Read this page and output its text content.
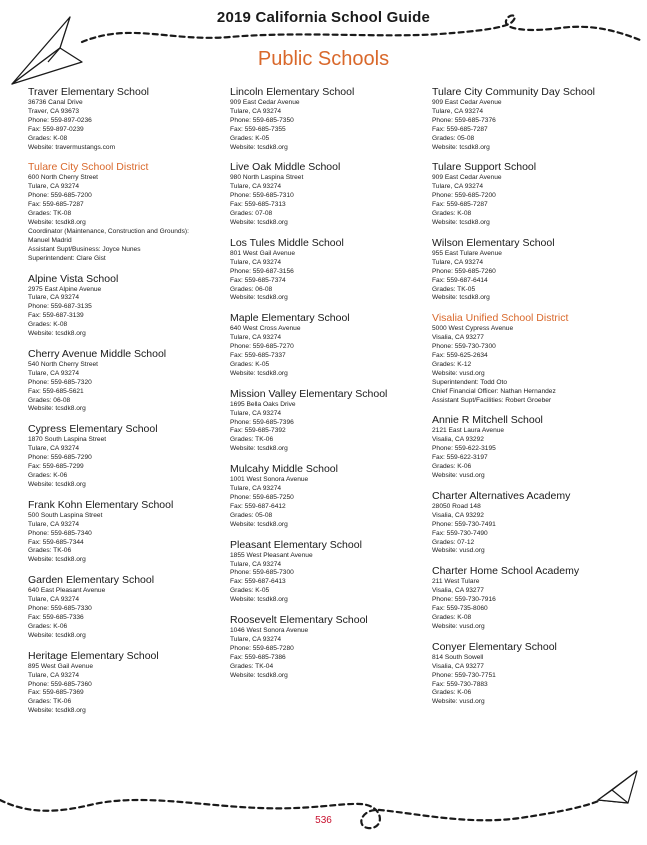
2019 California School Guide
Public Schools

Traver Elementary School

36736 Canal Drive

Traver, CA 93673

Phone: 559-897-0236

Fax: 559-897-0239

Grades: K-08

Website: travermustangs.com

Tulare City School District

600 North Cherry Street

Tulare, CA 93274

Phone: 559-685-7200

Fax: 559-685-7287

Grades: TK-08

Website: tcsdk8.org

Coordinator (Maintenance, Construction and Grounds):

Manuel Madrid

Assistant Supt/Business: Joyce Nunes

Superintendent: Clare Gist

Alpine Vista School

2975 East Alpine Avenue

Tulare, CA 93274

Phone: 559-687-3135

Fax: 559-687-3139

Grades: K-08

Website: tcsdk8.org

Cherry Avenue Middle School

540 North Cherry Street

Tulare, CA 93274

Phone: 559-685-7320

Fax: 559-685-5621

Grades: 06-08

Website: tcsdk8.org

Cypress Elementary School

1870 South Laspina Street

Tulare, CA 93274

Phone: 559-685-7290

Fax: 559-685-7299

Grades: K-06

Website: tcsdk8.org

Frank Kohn Elementary School

500 South Laspina Street

Tulare, CA 93274

Phone: 559-685-7340

Fax: 559-685-7344

Grades: TK-06

Website: tcsdk8.org

Garden Elementary School

640 East Pleasant Avenue

Tulare, CA 93274

Phone: 559-685-7330

Fax: 559-685-7336

Grades: K-06

Website: tcsdk8.org

Heritage Elementary School

895 West Gail Avenue

Tulare, CA 93274

Phone: 559-685-7360

Fax: 559-685-7369

Grades: TK-06

Website: tcsdk8.org

Lincoln Elementary School

909 East Cedar Avenue

Tulare, CA 93274

Phone: 559-685-7350

Fax: 559-685-7355

Grades: K-05

Website: tcsdk8.org

Live Oak Middle School

980 North Laspina Street

Tulare, CA 93274

Phone: 559-685-7310

Fax: 559-685-7313

Grades: 07-08

Website: tcsdk8.org

Los Tules Middle School

801 West Gail Avenue

Tulare, CA 93274

Phone: 559-687-3156

Fax: 559-685-7374

Grades: 06-08

Website: tcsdk8.org

Maple Elementary School

640 West Cross Avenue

Tulare, CA 93274

Phone: 559-685-7270

Fax: 559-685-7337

Grades: K-05

Website: tcsdk8.org

Mission Valley Elementary School

1695 Bella Oaks Drive

Tulare, CA 93274

Phone: 559-685-7396

Fax: 559-685-7392

Grades: TK-06

Website: tcsdk8.org

Mulcahy Middle School

1001 West Sonora Avenue

Tulare, CA 93274

Phone: 559-685-7250

Fax: 559-687-6412

Grades: 05-08

Website: tcsdk8.org

Pleasant Elementary School

1855 West Pleasant Avenue

Tulare, CA 93274

Phone: 559-685-7300

Fax: 559-687-6413

Grades: K-05

Website: tcsdk8.org

Roosevelt Elementary School

1046 West Sonora Avenue

Tulare, CA 93274

Phone: 559-685-7280

Fax: 559-685-7386

Grades: TK-04

Website: tcsdk8.org

Tulare City Community Day School

909 East Cedar Avenue

Tulare, CA 93274

Phone: 559-685-7376

Fax: 559-685-7287

Grades: 05-08

Website: tcsdk8.org

Tulare Support School

909 East Cedar Avenue

Tulare, CA 93274

Phone: 559-685-7200

Fax: 559-685-7287

Grades: K-08

Website: tcsdk8.org

Wilson Elementary School

955 East Tulare Avenue

Tulare, CA 93274

Phone: 559-685-7260

Fax: 559-687-6414

Grades: TK-05

Website: tcsdk8.org

Visalia Unified School District

5000 West Cypress Avenue

Visalia, CA 93277

Phone: 559-730-7300

Fax: 559-625-2634

Grades: K-12

Website: vusd.org

Superintendent: Todd Oto

Chief Financial Officer: Nathan Hernandez

Assistant Supt/Facilities: Robert Groeber

Annie R Mitchell School

2121 East Laura Avenue

Visalia, CA 93292

Phone: 559-622-3195

Fax: 559-622-3197

Grades: K-06

Website: vusd.org

Charter Alternatives Academy

28050 Road 148

Visalia, CA 93292

Phone: 559-730-7491

Fax: 559-730-7490

Grades: 07-12

Website: vusd.org

Charter Home School Academy

211 West Tulare

Visalia, CA 93277

Phone: 559-730-7916

Fax: 559-735-8060

Grades: K-08

Website: vusd.org

Conyer Elementary School

814 South Sowell

Visalia, CA 93277

Phone: 559-730-7751

Fax: 559-730-7883

Grades: K-06

Website: vusd.org

536
